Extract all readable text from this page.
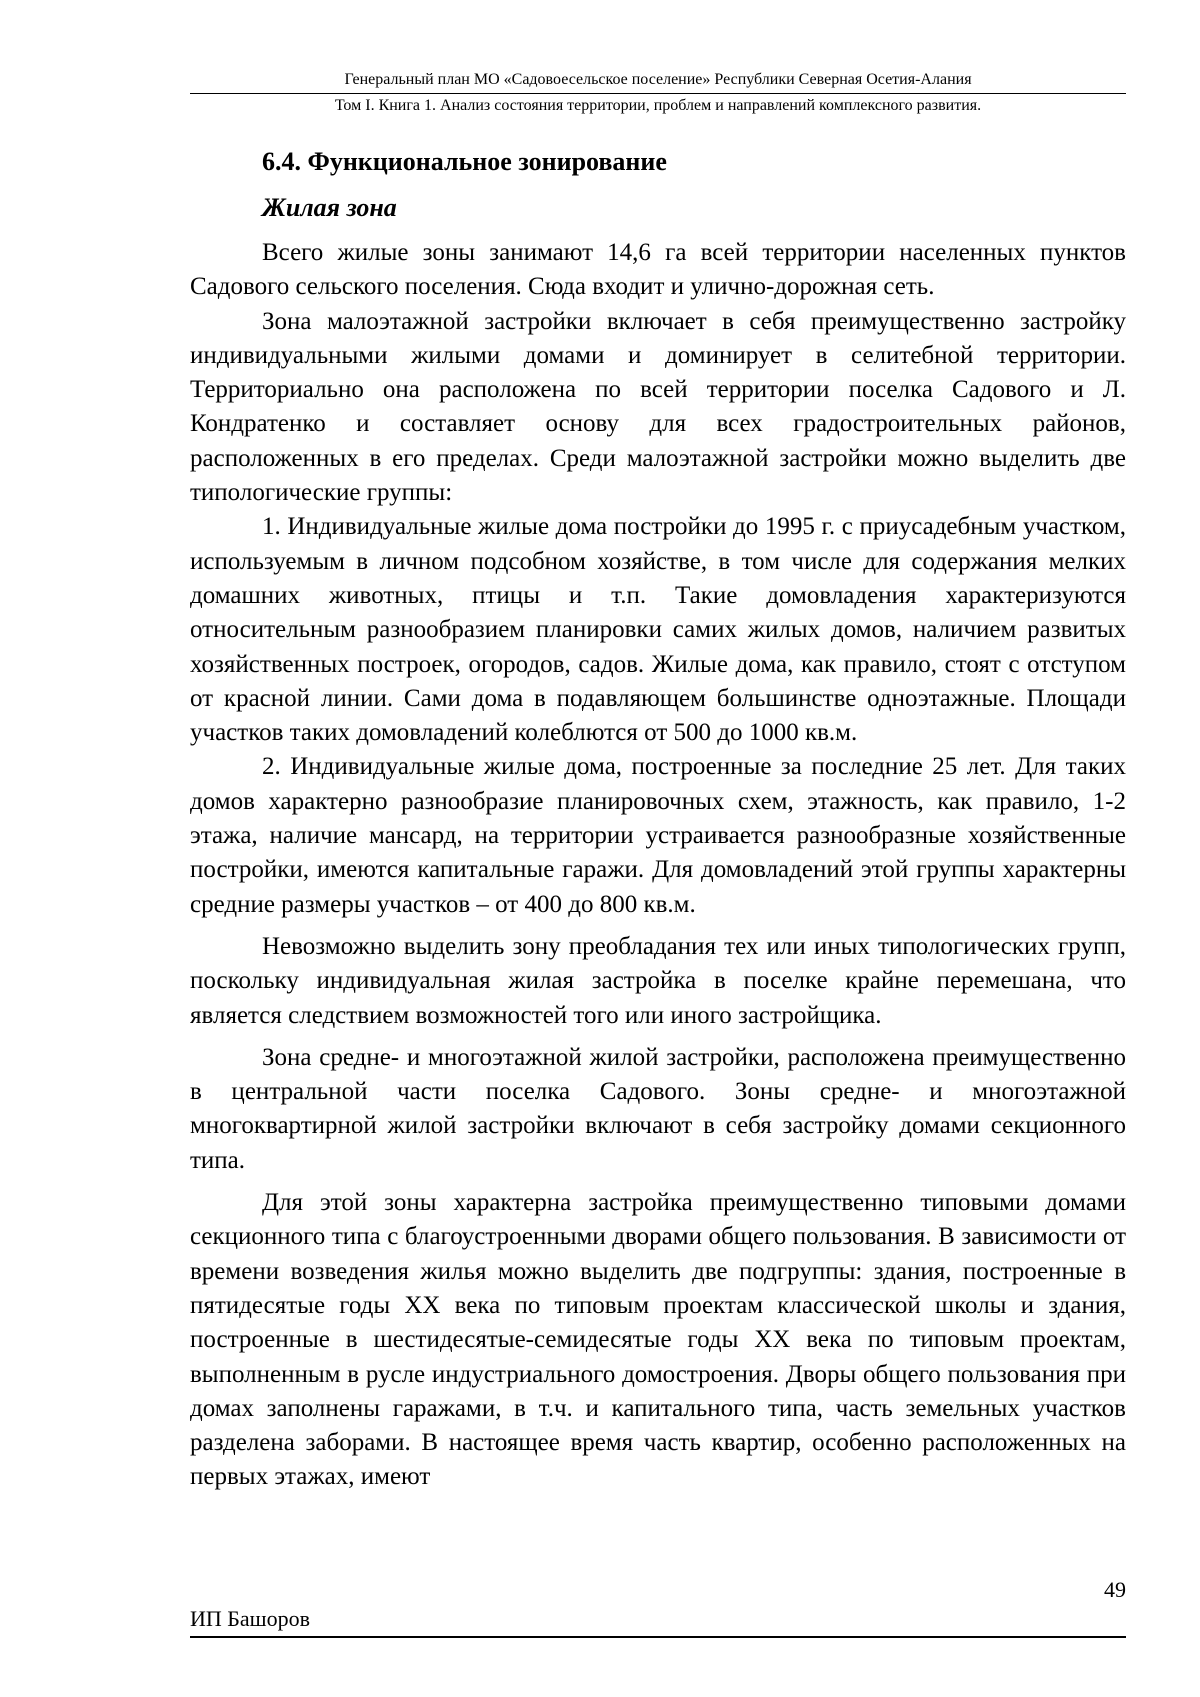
Генеральный план МО «Садовоесельское поселение» Республики Северная Осетия-Алания
Том I. Книга 1. Анализ состояния территории, проблем и направлений комплексного развития.
6.4. Функциональное зонирование
Жилая зона

Всего жилые зоны занимают 14,6 га всей территории населенных пунктов Садового сельского поселения. Сюда входит и улично-дорожная сеть.

Зона малоэтажной застройки включает в себя преимущественно застройку индивидуальными жилыми домами и доминирует в селитебной территории. Территориально она расположена по всей территории поселка Садового и Л. Кондратенко и составляет основу для всех градостроительных районов, расположенных в его пределах. Среди малоэтажной застройки можно выделить две типологические группы:

1. Индивидуальные жилые дома постройки до 1995 г. с приусадебным участком, используемым в личном подсобном хозяйстве, в том числе для содержания мелких домашних животных, птицы и т.п. Такие домовладения характеризуются относительным разнообразием планировки самих жилых домов, наличием развитых хозяйственных построек, огородов, садов. Жилые дома, как правило, стоят с отступом от красной линии. Сами дома в подавляющем большинстве одноэтажные. Площади участков таких домовладений колеблются от 500 до 1000 кв.м.

2. Индивидуальные жилые дома, построенные за последние 25 лет. Для таких домов характерно разнообразие планировочных схем, этажность, как правило, 1-2 этажа, наличие мансард, на территории устраивается разнообразные хозяйственные постройки, имеются капитальные гаражи. Для домовладений этой группы характерны средние размеры участков – от 400 до 800 кв.м.

Невозможно выделить зону преобладания тех или иных типологических групп, поскольку индивидуальная жилая застройка в поселке крайне перемешана, что является следствием возможностей того или иного застройщика.

Зона средне- и многоэтажной жилой застройки, расположена преимущественно в центральной части поселка Садового. Зоны средне- и многоэтажной многоквартирной жилой застройки включают в себя застройку домами секционного типа.

Для этой зоны характерна застройка преимущественно типовыми домами секционного типа с благоустроенными дворами общего пользования. В зависимости от времени возведения жилья можно выделить две подгруппы: здания, построенные в пятидесятые годы XX века по типовым проектам классической школы и здания, построенные в шестидесятые-семидесятые годы XX века по типовым проектам, выполненным в русле индустриального домостроения. Дворы общего пользования при домах заполнены гаражами, в т.ч. и капитального типа, часть земельных участков разделена заборами. В настоящее время часть квартир, особенно расположенных на первых этажах, имеют

49
ИП Башоров
